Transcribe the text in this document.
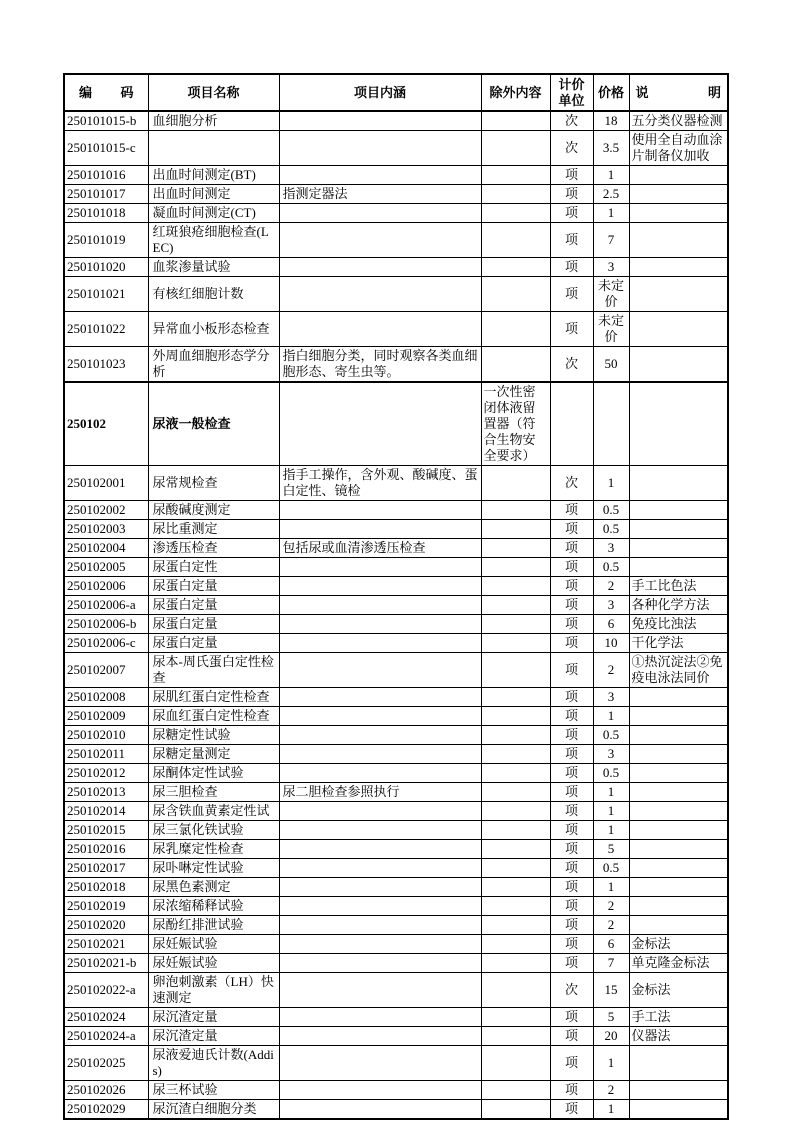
编 码	项目名称	项目内涵	除外内容	计价单位	价格	说 明
250101015-b	血细胞分析			次	18	五分类仪器检测
250101015-c				次	3.5	使用全自动血涂片制备仪加收
250101016	出血时间测定(BT)			项	1	
250101017	出血时间测定	指测定器法		项	2.5	
250101018	凝血时间测定(CT)			项	1	
250101019	红斑狼疮细胞检查(LEC)			项	7	
250101020	血浆渗量试验			项	3	
250101021	有核红细胞计数			项	未定价	
250101022	异常血小板形态检查			项	未定价	
250101023	外周血细胞形态学分析	指白细胞分类，同时观察各类血细胞形态、寄生虫等。		次	50	
250102	尿液一般检查		一次性密闭体液留置器（符合生物安全要求）			
250102001	尿常规检查	指手工操作，含外观、酸碱度、蛋白定性、镜检		次	1	
250102002	尿酸碱度测定			项	0.5	
250102003	尿比重测定			项	0.5	
250102004	渗透压检查	包括尿或血清渗透压检查		项	3	
250102005	尿蛋白定性			项	0.5	
250102006	尿蛋白定量			项	2	手工比色法
250102006-a	尿蛋白定量			项	3	各种化学方法
250102006-b	尿蛋白定量			项	6	免疫比浊法
250102006-c	尿蛋白定量			项	10	干化学法
250102007	尿本-周氏蛋白定性检查			项	2	①热沉淀法②免疫电泳法同价
250102008	尿肌红蛋白定性检查			项	3	
250102009	尿血红蛋白定性检查			项	1	
250102010	尿糖定性试验			项	0.5	
250102011	尿糖定量测定			项	3	
250102012	尿酮体定性试验			项	0.5	
250102013	尿三胆检查	尿二胆检查参照执行		项	1	
250102014	尿含铁血黄素定性试			项	1	
250102015	尿三氯化铁试验			项	1	
250102016	尿乳糜定性检查			项	5	
250102017	尿卟啉定性试验			项	0.5	
250102018	尿黑色素测定			项	1	
250102019	尿浓缩稀释试验			项	2	
250102020	尿酚红排泄试验			项	2	
250102021	尿妊娠试验			项	6	金标法
250102021-b	尿妊娠试验			项	7	单克隆金标法
250102022-a	卵泡刺激素（LH）快速测定			次	15	金标法
250102024	尿沉渣定量			项	5	手工法
250102024-a	尿沉渣定量			项	20	仪器法
250102025	尿液爱迪氏计数(Addis)			项	1	
250102026	尿三杯试验			项	2	
250102029	尿沉渣白细胞分类			项	1	
